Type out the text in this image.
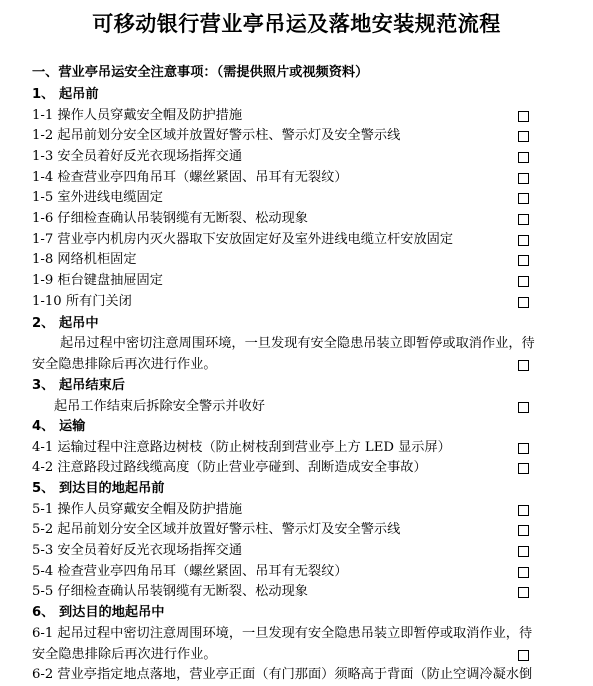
可移动银行营业亭吊运及落地安装规范流程
一、营业亭吊运安全注意事项：（需提供照片或视频资料）
1、 起吊前
1-1 操作人员穿戴安全帽及防护措施
1-2 起吊前划分安全区域并放置好警示柱、警示灯及安全警示线
1-3 安全员着好反光衣现场指挥交通
1-4 检查营业亭四角吊耳（螺丝紧固、吊耳有无裂纹）
1-5 室外进线电缆固定
1-6 仔细检查确认吊装钢缆有无断裂、松动现象
1-7 营业亭内机房内灭火器取下安放固定好及室外进线电缆立杆安放固定
1-8 网络机柜固定
1-9 柜台键盘抽屉固定
1-10 所有门关闭
2、 起吊中
起吊过程中密切注意周围环境，一旦发现有安全隐患吊装立即暂停或取消作业，待
安全隐患排除后再次进行作业。
3、 起吊结束后
起吊工作结束后拆除安全警示并收好
4、 运输
4-1 运输过程中注意路边树枝（防止树枝刮到营业亭上方 LED 显示屏）
4-2 注意路段过路线缆高度（防止营业亭碰到、刮断造成安全事故）
5、 到达目的地起吊前
5-1 操作人员穿戴安全帽及防护措施
5-2 起吊前划分安全区域并放置好警示柱、警示灯及安全警示线
5-3 安全员着好反光衣现场指挥交通
5-4 检查营业亭四角吊耳（螺丝紧固、吊耳有无裂纹）
5-5 仔细检查确认吊装钢缆有无断裂、松动现象
6、 到达目的地起吊中
6-1 起吊过程中密切注意周围环境，一旦发现有安全隐患吊装立即暂停或取消作业，待
安全隐患排除后再次进行作业。
6-2 营业亭指定地点落地，营业亭正面（有门那面）须略高于背面（防止空调冷凝水倒
